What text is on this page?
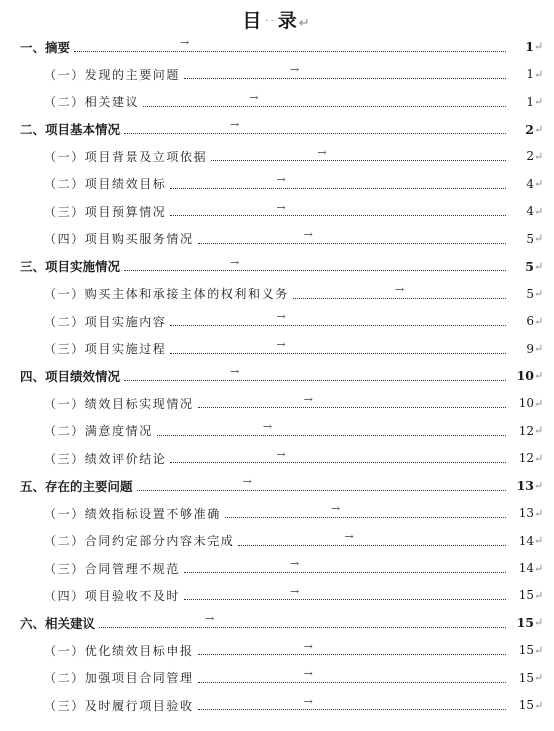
目 ·· 录↵
一、摘要	1 ↵
→
（一）发现的主要问题	1 ↵
→
（二）相关建议	1 ↵
→
二、项目基本情况	2 ↵
→
（一）项目背景及立项依据	2 ↵
→
（二）项目绩效目标	4 ↵
→
（三）项目预算情况	4 ↵
→
（四）项目购买服务情况	5 ↵
→
三、项目实施情况	5 ↵
→
（一）购买主体和承接主体的权利和义务	5 ↵
→
（二）项目实施内容	6 ↵
→
（三）项目实施过程	9 ↵
→
四、项目绩效情况	10 ↵
→
（一）绩效目标实现情况	10 ↵
→
（二）满意度情况	12 ↵
→
（三）绩效评价结论	12 ↵
→
五、存在的主要问题	13 ↵
→
（一）绩效指标设置不够准确	13 ↵
→
（二）合同约定部分内容未完成	14 ↵
→
（三）合同管理不规范	14 ↵
→
（四）项目验收不及时	15 ↵
→
六、相关建议	15 ↵
→
（一）优化绩效目标申报	15 ↵
→
（二）加强项目合同管理	15 ↵
→
（三）及时履行项目验收	15 ↵
→
